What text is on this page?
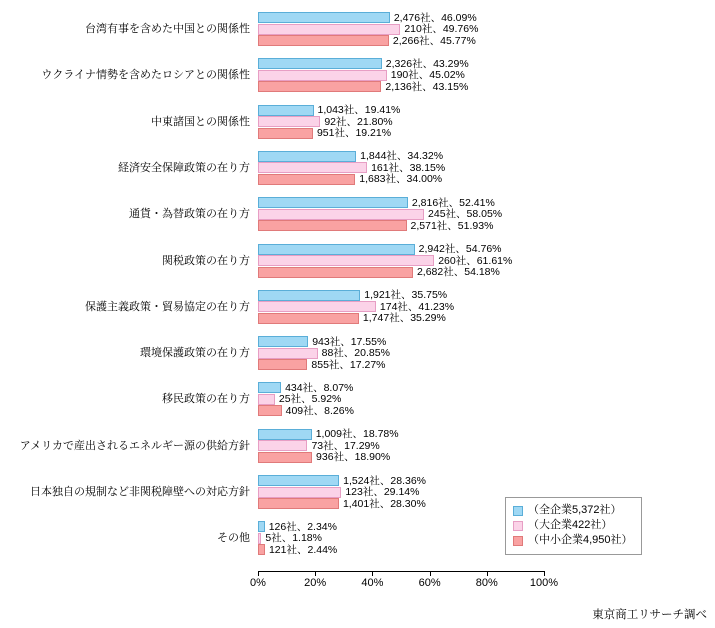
台湾有事を含めた中国との関係性
2,476社、46.09%
210社、49.76%
2,266社、45.77%
ウクライナ情勢を含めたロシアとの関係性
2,326社、43.29%
190社、45.02%
2,136社、43.15%
中東諸国との関係性
1,043社、19.41%
92社、21.80%
951社、19.21%
経済安全保障政策の在り方
1,844社、34.32%
161社、38.15%
1,683社、34.00%
通貨・為替政策の在り方
2,816社、52.41%
245社、58.05%
2,571社、51.93%
関税政策の在り方
2,942社、54.76%
260社、61.61%
2,682社、54.18%
保護主義政策・貿易協定の在り方
1,921社、35.75%
174社、41.23%
1,747社、35.29%
環境保護政策の在り方
943社、17.55%
88社、20.85%
855社、17.27%
移民政策の在り方
434社、8.07%
25社、5.92%
409社、8.26%
アメリカで産出されるエネルギー源の供給方針
1,009社、18.78%
73社、17.29%
936社、18.90%
日本独自の規制など非関税障壁への対応方針
1,524社、28.36%
123社、29.14%
1,401社、28.30%
その他
126社、2.34%
5社、1.18%
121社、2.44%
0%	20%	40%	60%	80%	100%
（全企業5,372社）
（大企業422社）
（中小企業4,950社）
東京商工リサーチ調べ
